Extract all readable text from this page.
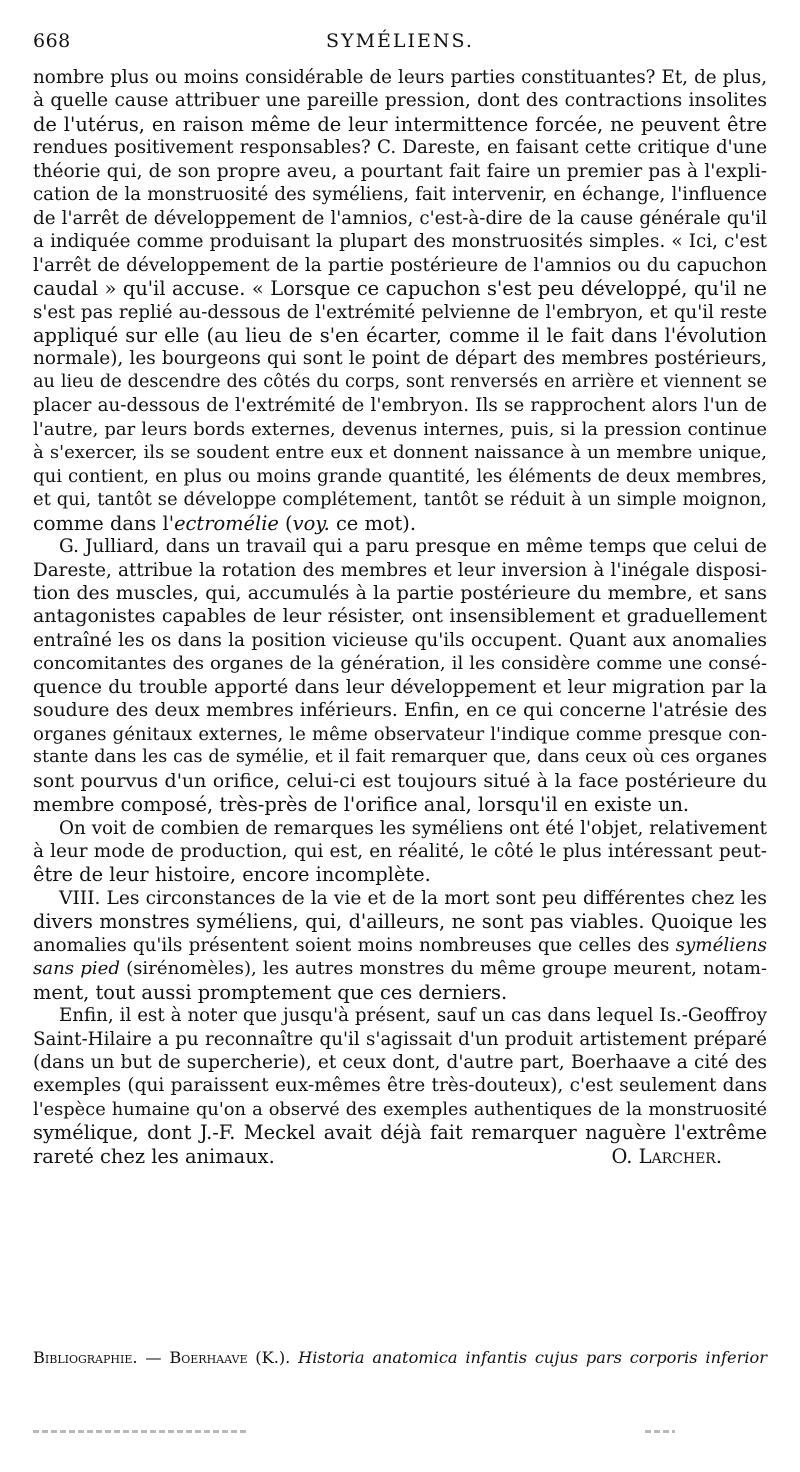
668	SYMÉLIENS.

nombre plus ou moins considérable de leurs parties constituantes? Et, de plus,

à quelle cause attribuer une pareille pression, dont des contractions insolites

de l'utérus, en raison même de leur intermittence forcée, ne peuvent être

rendues positivement responsables? C. Dareste, en faisant cette critique d'une

théorie qui, de son propre aveu, a pourtant fait faire un premier pas à l'expli-

cation de la monstruosité des syméliens, fait intervenir, en échange, l'influence

de l'arrêt de développement de l'amnios, c'est-à-dire de la cause générale qu'il

a indiquée comme produisant la plupart des monstruosités simples. « Ici, c'est

l'arrêt de développement de la partie postérieure de l'amnios ou du capuchon

caudal » qu'il accuse. « Lorsque ce capuchon s'est peu développé, qu'il ne

s'est pas replié au-dessous de l'extrémité pelvienne de l'embryon, et qu'il reste

appliqué sur elle (au lieu de s'en écarter, comme il le fait dans l'évolution

normale), les bourgeons qui sont le point de départ des membres postérieurs,

au lieu de descendre des côtés du corps, sont renversés en arrière et viennent se

placer au-dessous de l'extrémité de l'embryon. Ils se rapprochent alors l'un de

l'autre, par leurs bords externes, devenus internes, puis, si la pression continue

à s'exercer, ils se soudent entre eux et donnent naissance à un membre unique,

qui contient, en plus ou moins grande quantité, les éléments de deux membres,

et qui, tantôt se développe complétement, tantôt se réduit à un simple moignon,

comme dans l'ectromélie (voy. ce mot).

G. Julliard, dans un travail qui a paru presque en même temps que celui de

Dareste, attribue la rotation des membres et leur inversion à l'inégale disposi-

tion des muscles, qui, accumulés à la partie postérieure du membre, et sans

antagonistes capables de leur résister, ont insensiblement et graduellement

entraîné les os dans la position vicieuse qu'ils occupent. Quant aux anomalies

concomitantes des organes de la génération, il les considère comme une consé-

quence du trouble apporté dans leur développement et leur migration par la

soudure des deux membres inférieurs. Enfin, en ce qui concerne l'atrésie des

organes génitaux externes, le même observateur l'indique comme presque con-

stante dans les cas de symélie, et il fait remarquer que, dans ceux où ces organes

sont pourvus d'un orifice, celui-ci est toujours situé à la face postérieure du

membre composé, très-près de l'orifice anal, lorsqu'il en existe un.

On voit de combien de remarques les syméliens ont été l'objet, relativement

à leur mode de production, qui est, en réalité, le côté le plus intéressant peut-

être de leur histoire, encore incomplète.

VIII. Les circonstances de la vie et de la mort sont peu différentes chez les

divers monstres syméliens, qui, d'ailleurs, ne sont pas viables. Quoique les

anomalies qu'ils présentent soient moins nombreuses que celles des syméliens

sans pied (sirénomèles), les autres monstres du même groupe meurent, notam-

ment, tout aussi promptement que ces derniers.

Enfin, il est à noter que jusqu'à présent, sauf un cas dans lequel Is.-Geoffroy

Saint-Hilaire a pu reconnaître qu'il s'agissait d'un produit artistement préparé

(dans un but de supercherie), et ceux dont, d'autre part, Boerhaave a cité des

exemples (qui paraissent eux-mêmes être très-douteux), c'est seulement dans

l'espèce humaine qu'on a observé des exemples authentiques de la monstruosité

symélique, dont J.-F. Meckel avait déjà fait remarquer naguère l'extrême

rareté chez les animaux.	O. Larcher.

Bibliographie. — Boerhaave (K.). Historia anatomica infantis cujus pars corporis inferior
